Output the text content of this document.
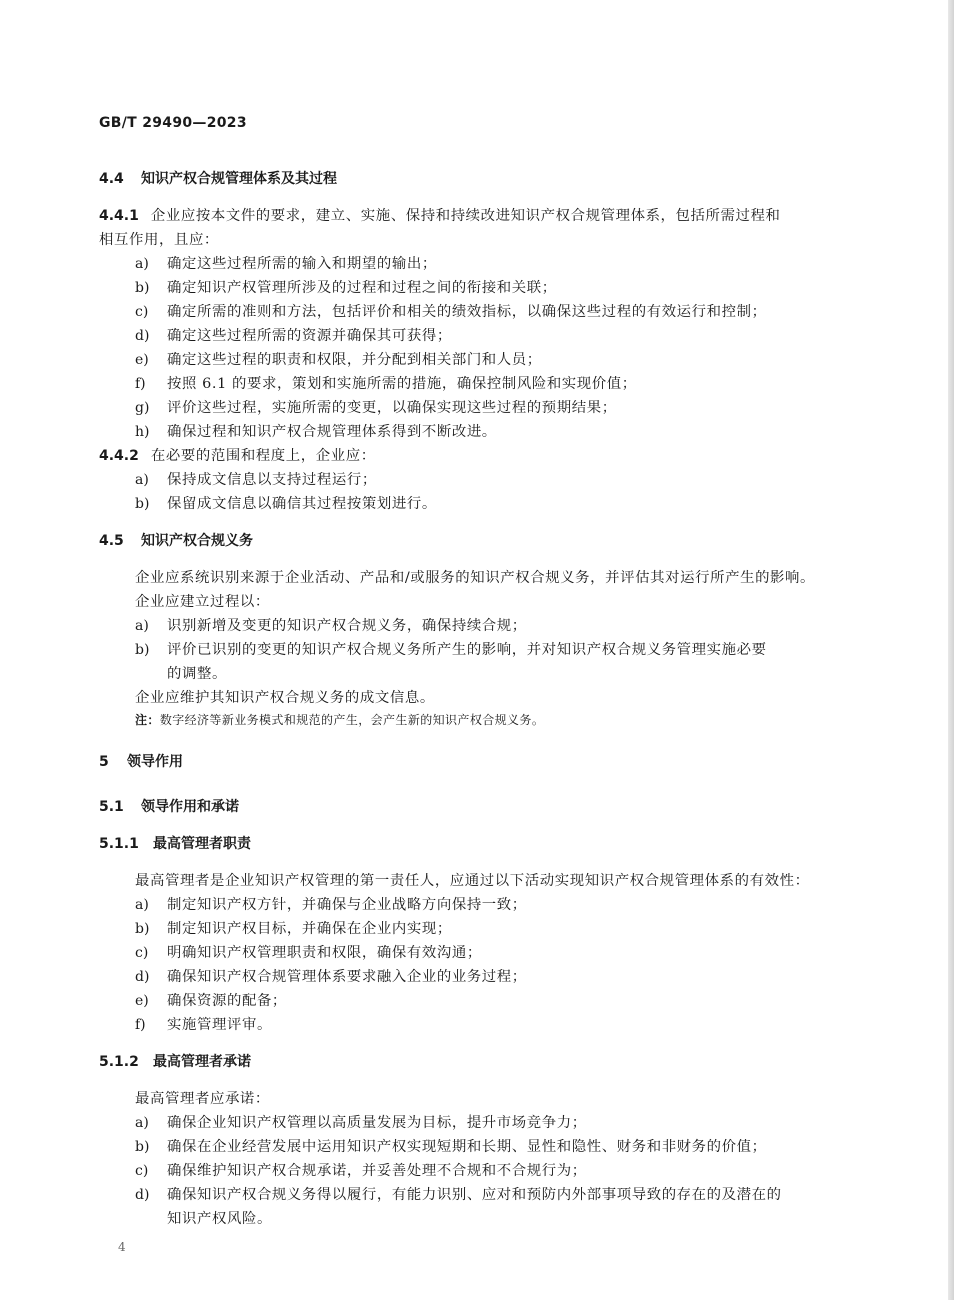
GB/T 29490—2023
4.4 知识产权合规管理体系及其过程
4.4.1 企业应按本文件的要求，建立、实施、保持和持续改进知识产权合规管理体系，包括所需过程和
相互作用，且应：
a) 确定这些过程所需的输入和期望的输出；
b) 确定知识产权管理所涉及的过程和过程之间的衔接和关联；
c) 确定所需的准则和方法，包括评价和相关的绩效指标，以确保这些过程的有效运行和控制；
d) 确定这些过程所需的资源并确保其可获得；
e) 确定这些过程的职责和权限，并分配到相关部门和人员；
f) 按照 6.1 的要求，策划和实施所需的措施，确保控制风险和实现价值；
g) 评价这些过程，实施所需的变更，以确保实现这些过程的预期结果；
h) 确保过程和知识产权合规管理体系得到不断改进。
4.4.2 在必要的范围和程度上，企业应：
a) 保持成文信息以支持过程运行；
b) 保留成文信息以确信其过程按策划进行。
4.5 知识产权合规义务
企业应系统识别来源于企业活动、产品和/或服务的知识产权合规义务，并评估其对运行所产生的影响。
企业应建立过程以：
a) 识别新增及变更的知识产权合规义务，确保持续合规；
b) 评价已识别的变更的知识产权合规义务所产生的影响，并对知识产权合规义务管理实施必要
的调整。
企业应维护其知识产权合规义务的成文信息。
注：数字经济等新业务模式和规范的产生，会产生新的知识产权合规义务。
5 领导作用
5.1 领导作用和承诺
5.1.1 最高管理者职责
最高管理者是企业知识产权管理的第一责任人，应通过以下活动实现知识产权合规管理体系的有效性：
a) 制定知识产权方针，并确保与企业战略方向保持一致；
b) 制定知识产权目标，并确保在企业内实现；
c) 明确知识产权管理职责和权限，确保有效沟通；
d) 确保知识产权合规管理体系要求融入企业的业务过程；
e) 确保资源的配备；
f) 实施管理评审。
5.1.2 最高管理者承诺
最高管理者应承诺：
a) 确保企业知识产权管理以高质量发展为目标，提升市场竞争力；
b) 确保在企业经营发展中运用知识产权实现短期和长期、显性和隐性、财务和非财务的价值；
c) 确保维护知识产权合规承诺，并妥善处理不合规和不合规行为；
d) 确保知识产权合规义务得以履行，有能力识别、应对和预防内外部事项导致的存在的及潜在的
知识产权风险。
4
